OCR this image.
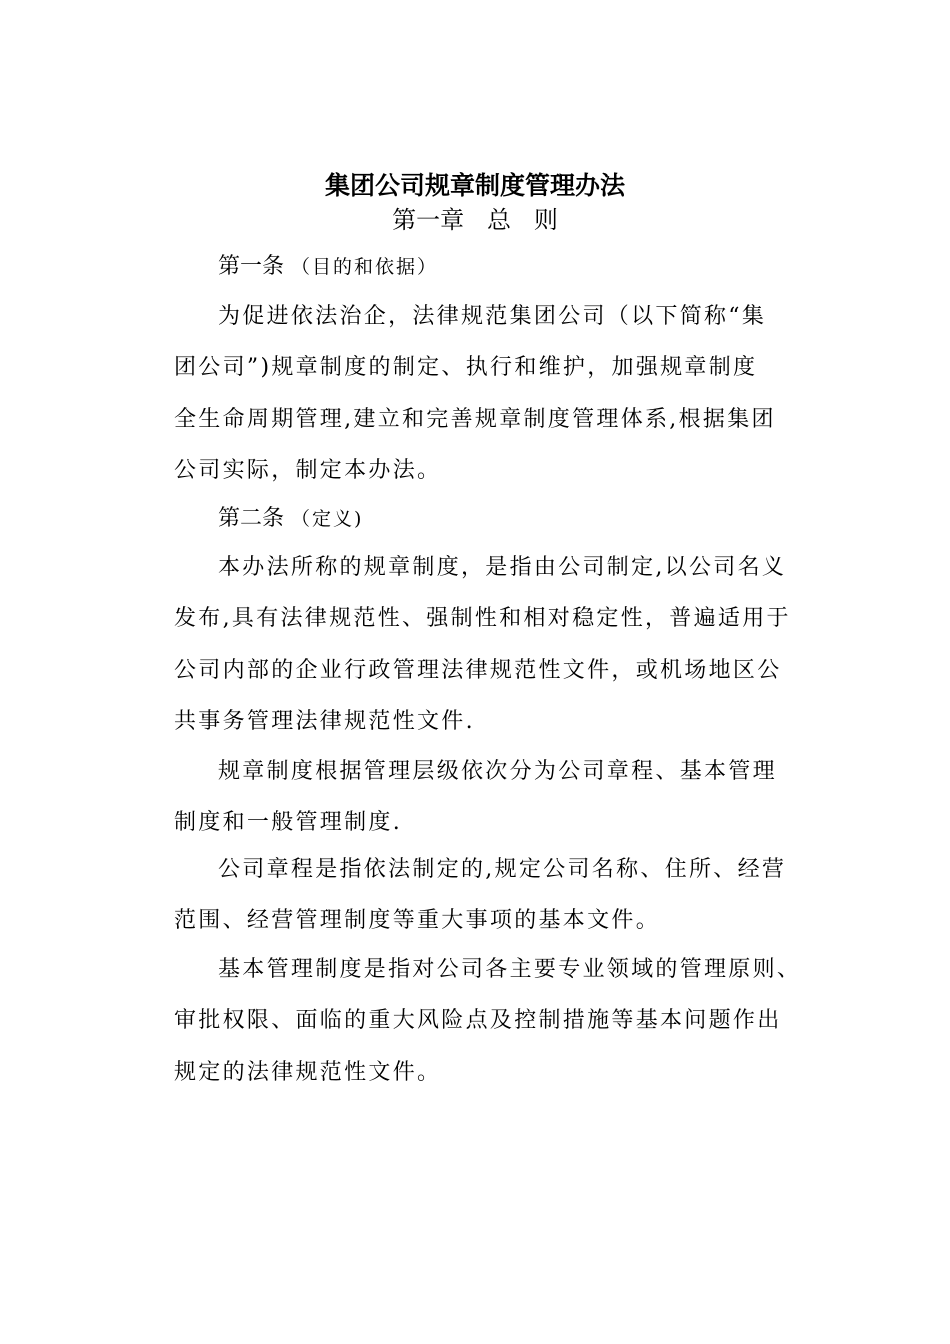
集团公司规章制度管理办法
第一章   总   则
第一条 （目的和依据）
为促进依法治企，法律规范集团公司（以下简称“集
团公司”)规章制度的制定、执行和维护，加强规章制度
全生命周期管理,建立和完善规章制度管理体系,根据集团
公司实际，制定本办法。
第二条 （定义)
本办法所称的规章制度，是指由公司制定,以公司名义
发布,具有法律规范性、强制性和相对稳定性，普遍适用于
公司内部的企业行政管理法律规范性文件，或机场地区公
共事务管理法律规范性文件.
规章制度根据管理层级依次分为公司章程、基本管理
制度和一般管理制度.
公司章程是指依法制定的,规定公司名称、住所、经营
范围、经营管理制度等重大事项的基本文件。
基本管理制度是指对公司各主要专业领域的管理原则、
审批权限、面临的重大风险点及控制措施等基本问题作出
规定的法律规范性文件。
